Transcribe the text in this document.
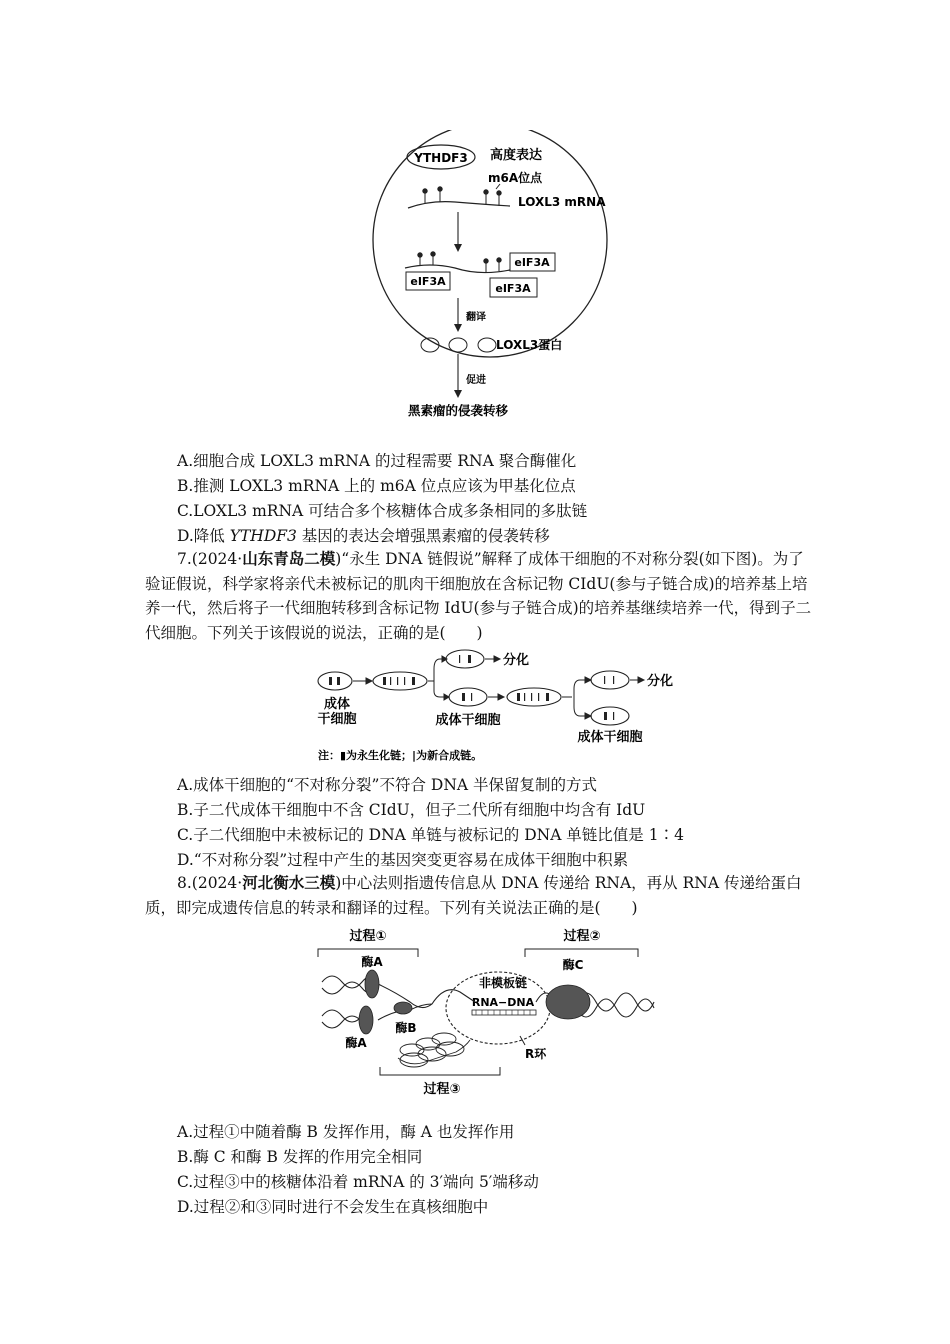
YTHDF3 高度表达
m6A位点
LOXL3 mRNA
eIF3A
eIF3A
eIF3A
翻译
LOXL3蛋白
促进
黑素瘤的侵袭转移
A.细胞合成 LOXL3 mRNA 的过程需要 RNA 聚合酶催化
B.推测 LOXL3 mRNA 上的 m6A 位点应该为甲基化位点
C.LOXL3 mRNA 可结合多个核糖体合成多条相同的多肽链
D.降低 YTHDF3 基因的表达会增强黑素瘤的侵袭转移
7.(2024·山东青岛二模)“永生 DNA 链假说”解释了成体干细胞的不对称分裂(如下图)。为了验证假说，科学家将亲代未被标记的肌肉干细胞放在含标记物 CIdU(参与子链合成)的培养基上培养一代，然后将子一代细胞转移到含标记物 IdU(参与子链合成)的培养基继续培养一代，得到子二代细胞。下列关于该假说的说法，正确的是(　　)
分化
分化
成体
干细胞	成体干细胞
成体干细胞
注：▮为永生化链；|为新合成链。
A.成体干细胞的“不对称分裂”不符合 DNA 半保留复制的方式
B.子二代成体干细胞中不含 CIdU，但子二代所有细胞中均含有 IdU
C.子二代细胞中未被标记的 DNA 单链与被标记的 DNA 单链比值是 1∶4
D.“不对称分裂”过程中产生的基因突变更容易在成体干细胞中积累
8.(2024·河北衡水三模)中心法则指遗传信息从 DNA 传递给 RNA，再从 RNA 传递给蛋白质，即完成遗传信息的转录和翻译的过程。下列有关说法正确的是(　　)
过程①	过程②
酶A	酶C
非模板链
RNA−DNA
酶B
酶A
R环
过程③
A.过程①中随着酶 B 发挥作用，酶 A 也发挥作用
B.酶 C 和酶 B 发挥的作用完全相同
C.过程③中的核糖体沿着 mRNA 的 3′端向 5′端移动
D.过程②和③同时进行不会发生在真核细胞中
